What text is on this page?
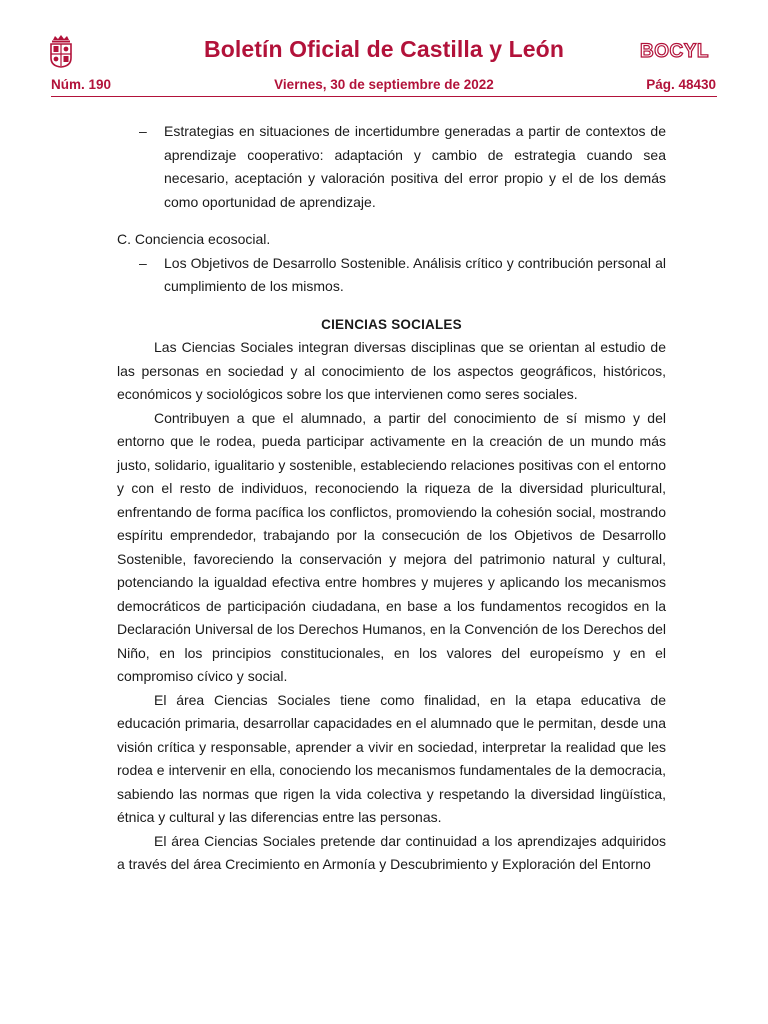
Boletín Oficial de Castilla y León	BOCYL
Núm. 190	Viernes, 30 de septiembre de 2022	Pág. 48430
– Estrategias en situaciones de incertidumbre generadas a partir de contextos de aprendizaje cooperativo: adaptación y cambio de estrategia cuando sea necesario, aceptación y valoración positiva del error propio y el de los demás como oportunidad de aprendizaje.

C. Conciencia ecosocial.

– Los Objetivos de Desarrollo Sostenible. Análisis crítico y contribución personal al cumplimiento de los mismos.

CIENCIAS SOCIALES

Las Ciencias Sociales integran diversas disciplinas que se orientan al estudio de las personas en sociedad y al conocimiento de los aspectos geográficos, históricos, económicos y sociológicos sobre los que intervienen como seres sociales.

Contribuyen a que el alumnado, a partir del conocimiento de sí mismo y del entorno que le rodea, pueda participar activamente en la creación de un mundo más justo, solidario, igualitario y sostenible, estableciendo relaciones positivas con el entorno y con el resto de individuos, reconociendo la riqueza de la diversidad pluricultural, enfrentando de forma pacífica los conflictos, promoviendo la cohesión social, mostrando espíritu emprendedor, trabajando por la consecución de los Objetivos de Desarrollo Sostenible, favoreciendo la conservación y mejora del patrimonio natural y cultural, potenciando la igualdad efectiva entre hombres y mujeres y aplicando los mecanismos democráticos de participación ciudadana, en base a los fundamentos recogidos en la Declaración Universal de los Derechos Humanos, en la Convención de los Derechos del Niño, en los principios constitucionales, en los valores del europeísmo y en el compromiso cívico y social.

El área Ciencias Sociales tiene como finalidad, en la etapa educativa de educación primaria, desarrollar capacidades en el alumnado que le permitan, desde una visión crítica y responsable, aprender a vivir en sociedad, interpretar la realidad que les rodea e intervenir en ella, conociendo los mecanismos fundamentales de la democracia, sabiendo las normas que rigen la vida colectiva y respetando la diversidad lingüística, étnica y cultural y las diferencias entre las personas.

El área Ciencias Sociales pretende dar continuidad a los aprendizajes adquiridos a través del área Crecimiento en Armonía y Descubrimiento y Exploración del Entorno
